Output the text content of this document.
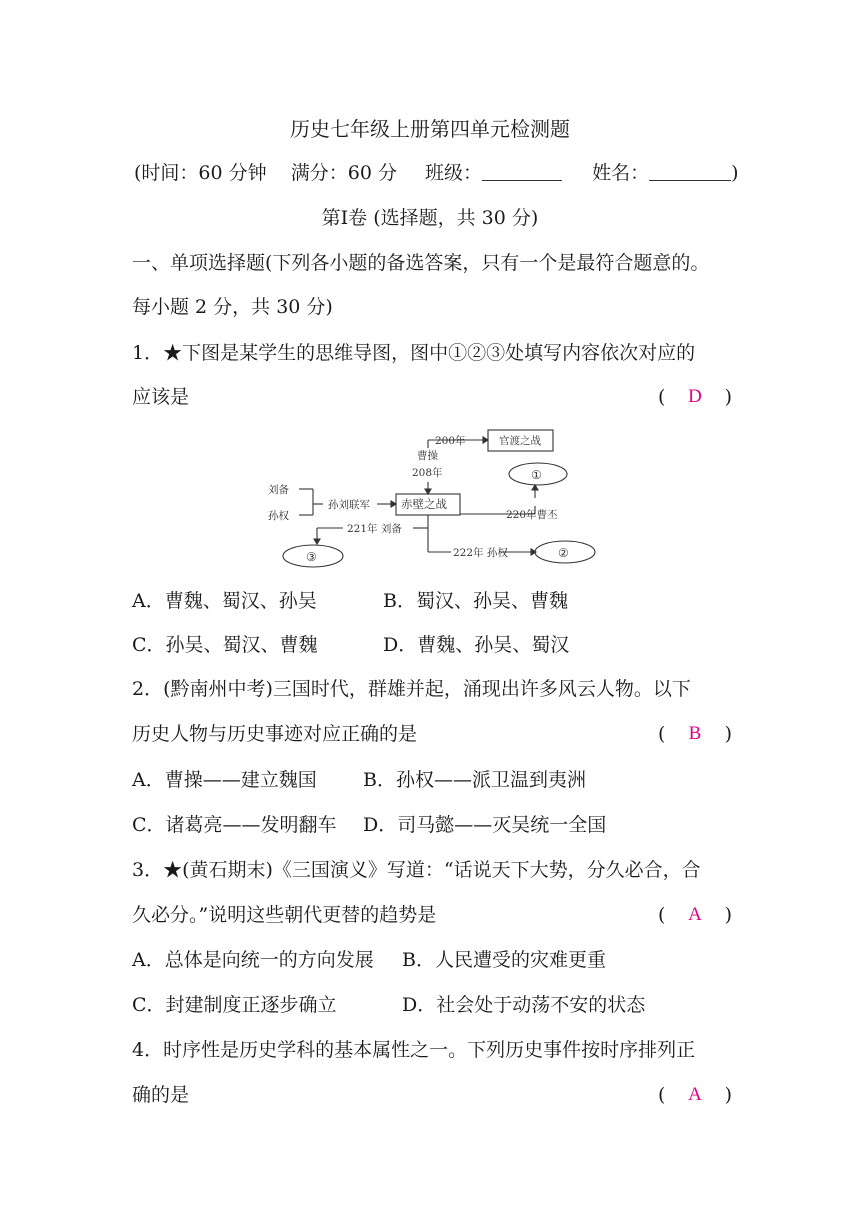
历史七年级上册第四单元检测题
(时间：60 分钟 满分：60 分 班级：	姓名：	)
第Ⅰ卷 (选择题，共 30 分)
一、单项选择题(下列各小题的备选答案，只有一个是最符合题意的。
每小题 2 分，共 30 分)
1．★下图是某学生的思维导图，图中①②③处填写内容依次对应的
应该是	( D )
200年	官渡之战
曹操
208年
赤壁之战
刘备
孙权
孙刘联军
①
220年曹丕
221年 刘备
③	222年 孙权	②
A．曹魏、蜀汉、孙吴	B．蜀汉、孙吴、曹魏
C．孙吴、蜀汉、曹魏	D．曹魏、孙吴、蜀汉
2．(黔南州中考)三国时代，群雄并起，涌现出许多风云人物。以下
历史人物与历史事迹对应正确的是	( B )
A．曹操——建立魏国 B．孙权——派卫温到夷洲
C．诸葛亮——发明翻车 D．司马懿——灭吴统一全国
3．★(黄石期末)《三国演义》写道：“话说天下大势，分久必合，合
久必分。”说明这些朝代更替的趋势是	( A )
A．总体是向统一的方向发展 B．人民遭受的灾难更重
C．封建制度正逐步确立	D．社会处于动荡不安的状态
4．时序性是历史学科的基本属性之一。下列历史事件按时序排列正
确的是	( A )
